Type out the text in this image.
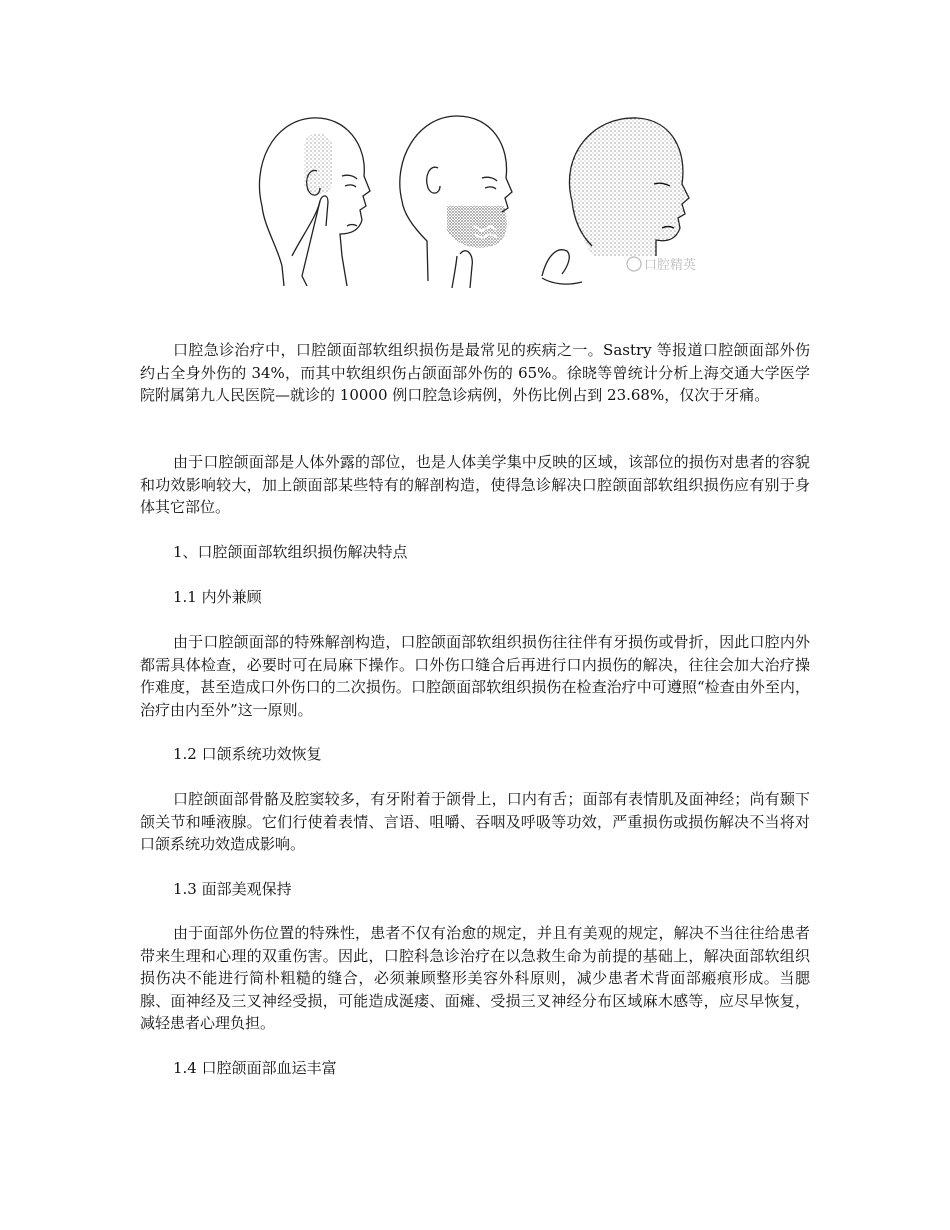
口腔精英

口腔急诊治疗中，口腔颌面部软组织损伤是最常见的疾病之一。Sastry 等报道口腔颌面部外伤约占全身外伤的 34%，而其中软组织伤占颌面部外伤的 65%。徐晓等曾统计分析上海交通大学医学院附属第九人民医院—就诊的 10000 例口腔急诊病例，外伤比例占到 23.68%，仅次于牙痛。

由于口腔颌面部是人体外露的部位，也是人体美学集中反映的区域，该部位的损伤对患者的容貌和功效影响较大，加上颌面部某些特有的解剖构造，使得急诊解决口腔颌面部软组织损伤应有别于身体其它部位。

1、口腔颌面部软组织损伤解决特点

1.1 内外兼顾

由于口腔颌面部的特殊解剖构造，口腔颌面部软组织损伤往往伴有牙损伤或骨折，因此口腔内外都需具体检查，必要时可在局麻下操作。口外伤口缝合后再进行口内损伤的解决，往往会加大治疗操作难度，甚至造成口外伤口的二次损伤。口腔颌面部软组织损伤在检查治疗中可遵照“检查由外至内，治疗由内至外”这一原则。

1.2 口颌系统功效恢复

口腔颌面部骨骼及腔窦较多，有牙附着于颌骨上，口内有舌；面部有表情肌及面神经；尚有颞下颌关节和唾液腺。它们行使着表情、言语、咀嚼、吞咽及呼吸等功效，严重损伤或损伤解决不当将对口颌系统功效造成影响。

1.3 面部美观保持

由于面部外伤位置的特殊性，患者不仅有治愈的规定，并且有美观的规定，解决不当往往给患者带来生理和心理的双重伤害。因此，口腔科急诊治疗在以急救生命为前提的基础上，解决面部软组织损伤决不能进行简朴粗糙的缝合，必须兼顾整形美容外科原则，减少患者术背面部瘢痕形成。当腮腺、面神经及三叉神经受损，可能造成涎瘘、面瘫、受损三叉神经分布区域麻木感等，应尽早恢复，减轻患者心理负担。

1.4 口腔颌面部血运丰富
